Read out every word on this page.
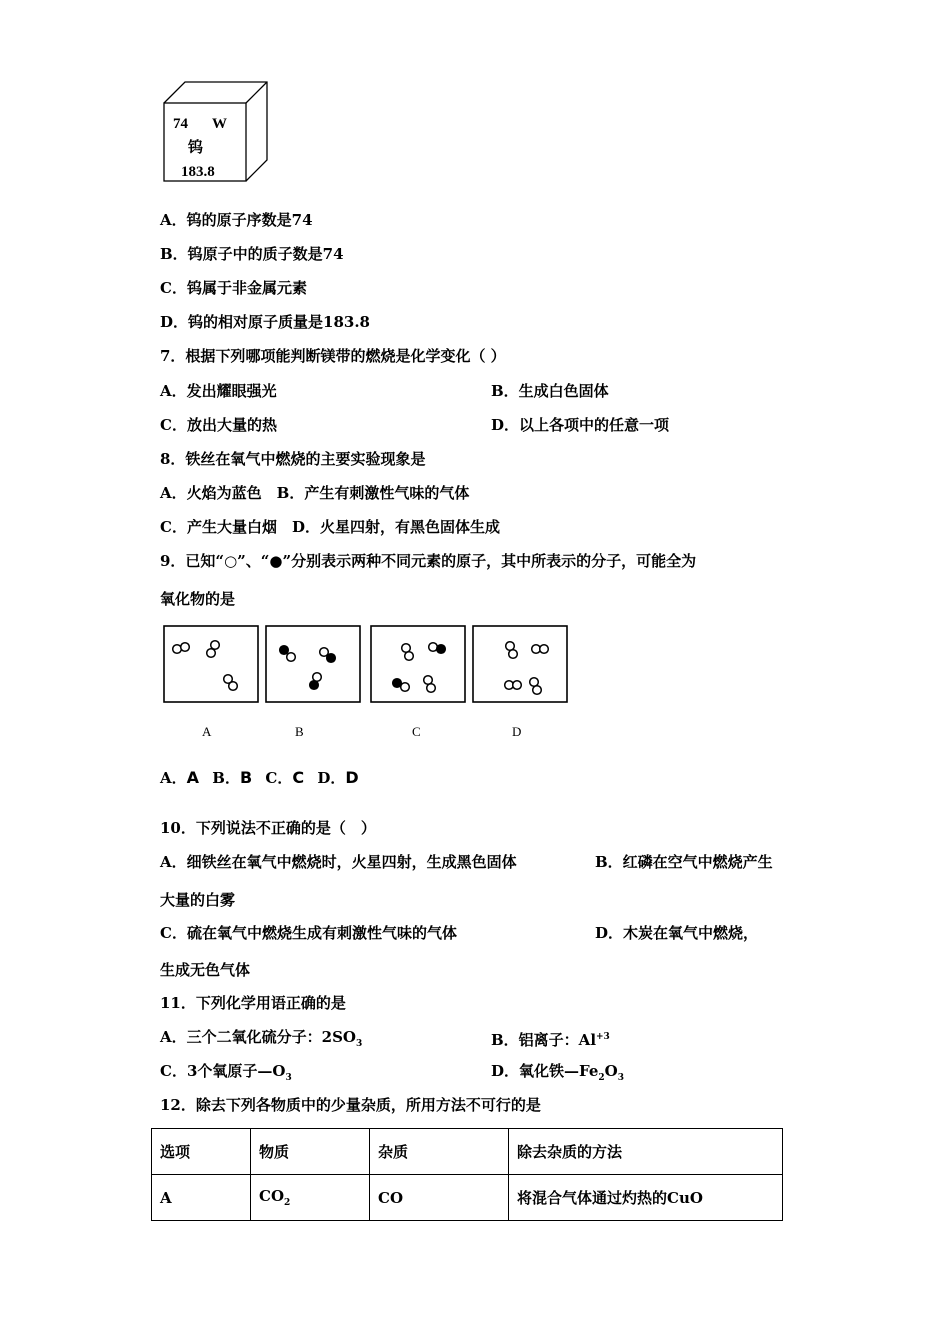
74 W
钨
183.8
A．钨的原子序数是74
B．钨原子中的质子数是74
C．钨属于非金属元素
D．钨的相对原子质量是183.8
7．根据下列哪项能判断镁带的燃烧是化学变化（ ）
A．发出耀眼强光	B．生成白色固体
C．放出大量的热	D．以上各项中的任意一项
8．铁丝在氧气中燃烧的主要实验现象是
A．火焰为蓝色　B．产生有刺激性气味的气体
C．产生大量白烟　D．火星四射，有黑色固体生成
9．已知“○”、“●”分别表示两种不同元素的原子，其中所表示的分子，可能全为
氧化物的是
A	B	C	D
A．A B．B C．C D．D
10．下列说法不正确的是（　）
A．细铁丝在氧气中燃烧时，火星四射，生成黑色固体	B．红磷在空气中燃烧产生
大量的白雾
C．硫在氧气中燃烧生成有刺激性气味的气体	D．木炭在氧气中燃烧，
生成无色气体
11．下列化学用语正确的是
A．三个二氧化硫分子：$2SO_3$	B．铝离子：$Al^{+3}$
C．3个氧原子$—O_3$	D．氧化铁$—Fe_2O_3$
12．除去下列各物质中的少量杂质，所用方法不可行的是
选项	物质	杂质	除去杂质的方法
A	$CO_2$	CO	将混合气体通过灼热的CuO
